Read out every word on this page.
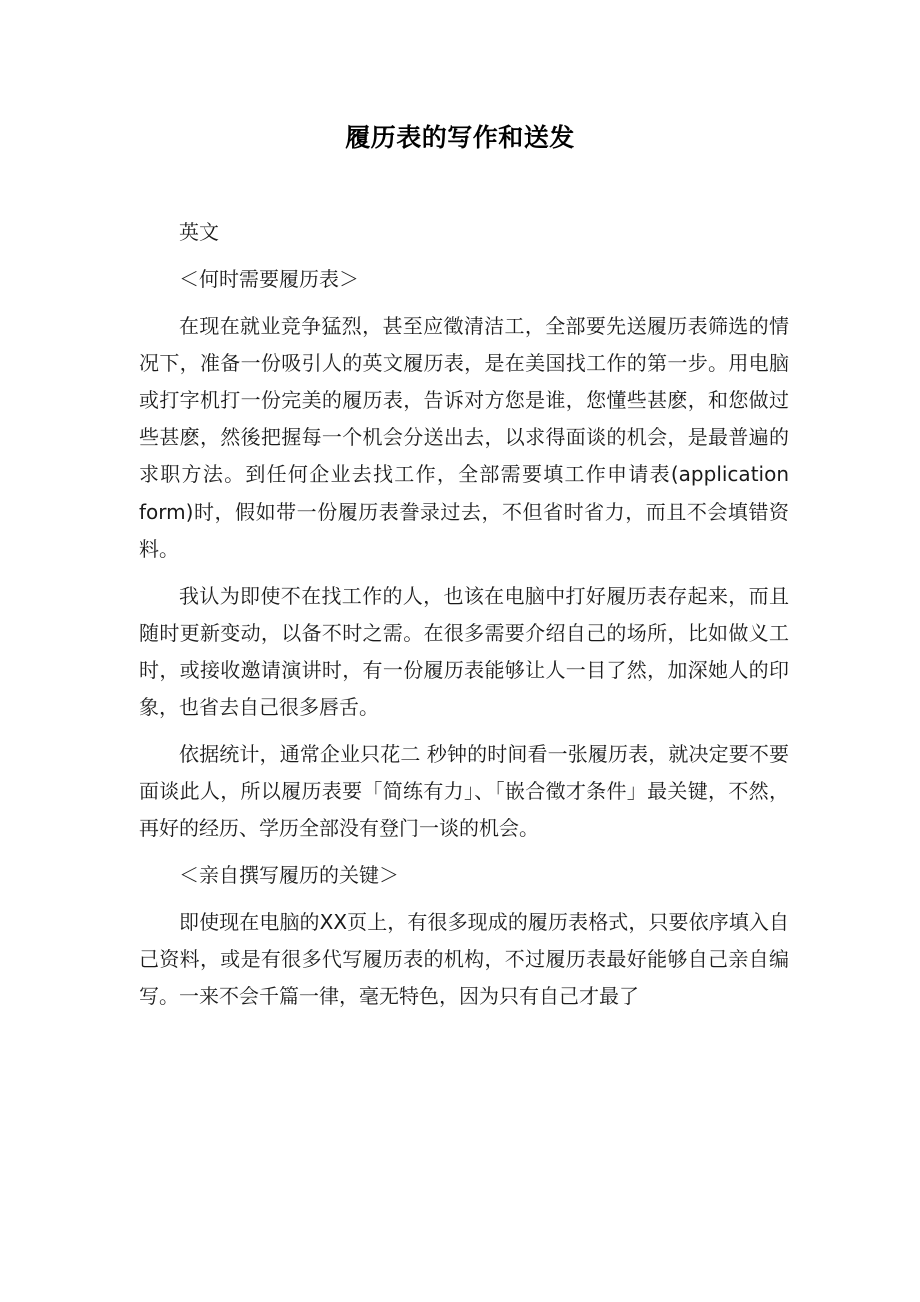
履历表的写作和送发

英文

＜何时需要履历表＞

在现在就业竞争猛烈，甚至应徵清洁工，全部要先送履历表筛选的情况下，准备一份吸引人的英文履历表，是在美国找工作的第一步。用电脑或打字机打一份完美的履历表，告诉对方您是谁，您懂些甚麽，和您做过些甚麽，然後把握每一个机会分送出去，以求得面谈的机会，是最普遍的求职方法。到任何企业去找工作，全部需要填工作申请表(application form)时，假如带一份履历表誊录过去，不但省时省力，而且不会填错资料。

我认为即使不在找工作的人，也该在电脑中打好履历表存起来，而且随时更新变动，以备不时之需。在很多需要介绍自己的场所，比如做义工时，或接收邀请演讲时，有一份履历表能够让人一目了然，加深她人的印象，也省去自己很多唇舌。

依据统计，通常企业只花二 秒钟的时间看一张履历表，就决定要不要面谈此人，所以履历表要「简练有力」、「嵌合徵才条件」最关键，不然，再好的经历、学历全部没有登门一谈的机会。

＜亲自撰写履历的关键＞

即使现在电脑的XX页上，有很多现成的履历表格式，只要依序填入自己资料，或是有很多代写履历表的机构，不过履历表最好能够自己亲自编写。一来不会千篇一律，毫无特色，因为只有自己才最了
